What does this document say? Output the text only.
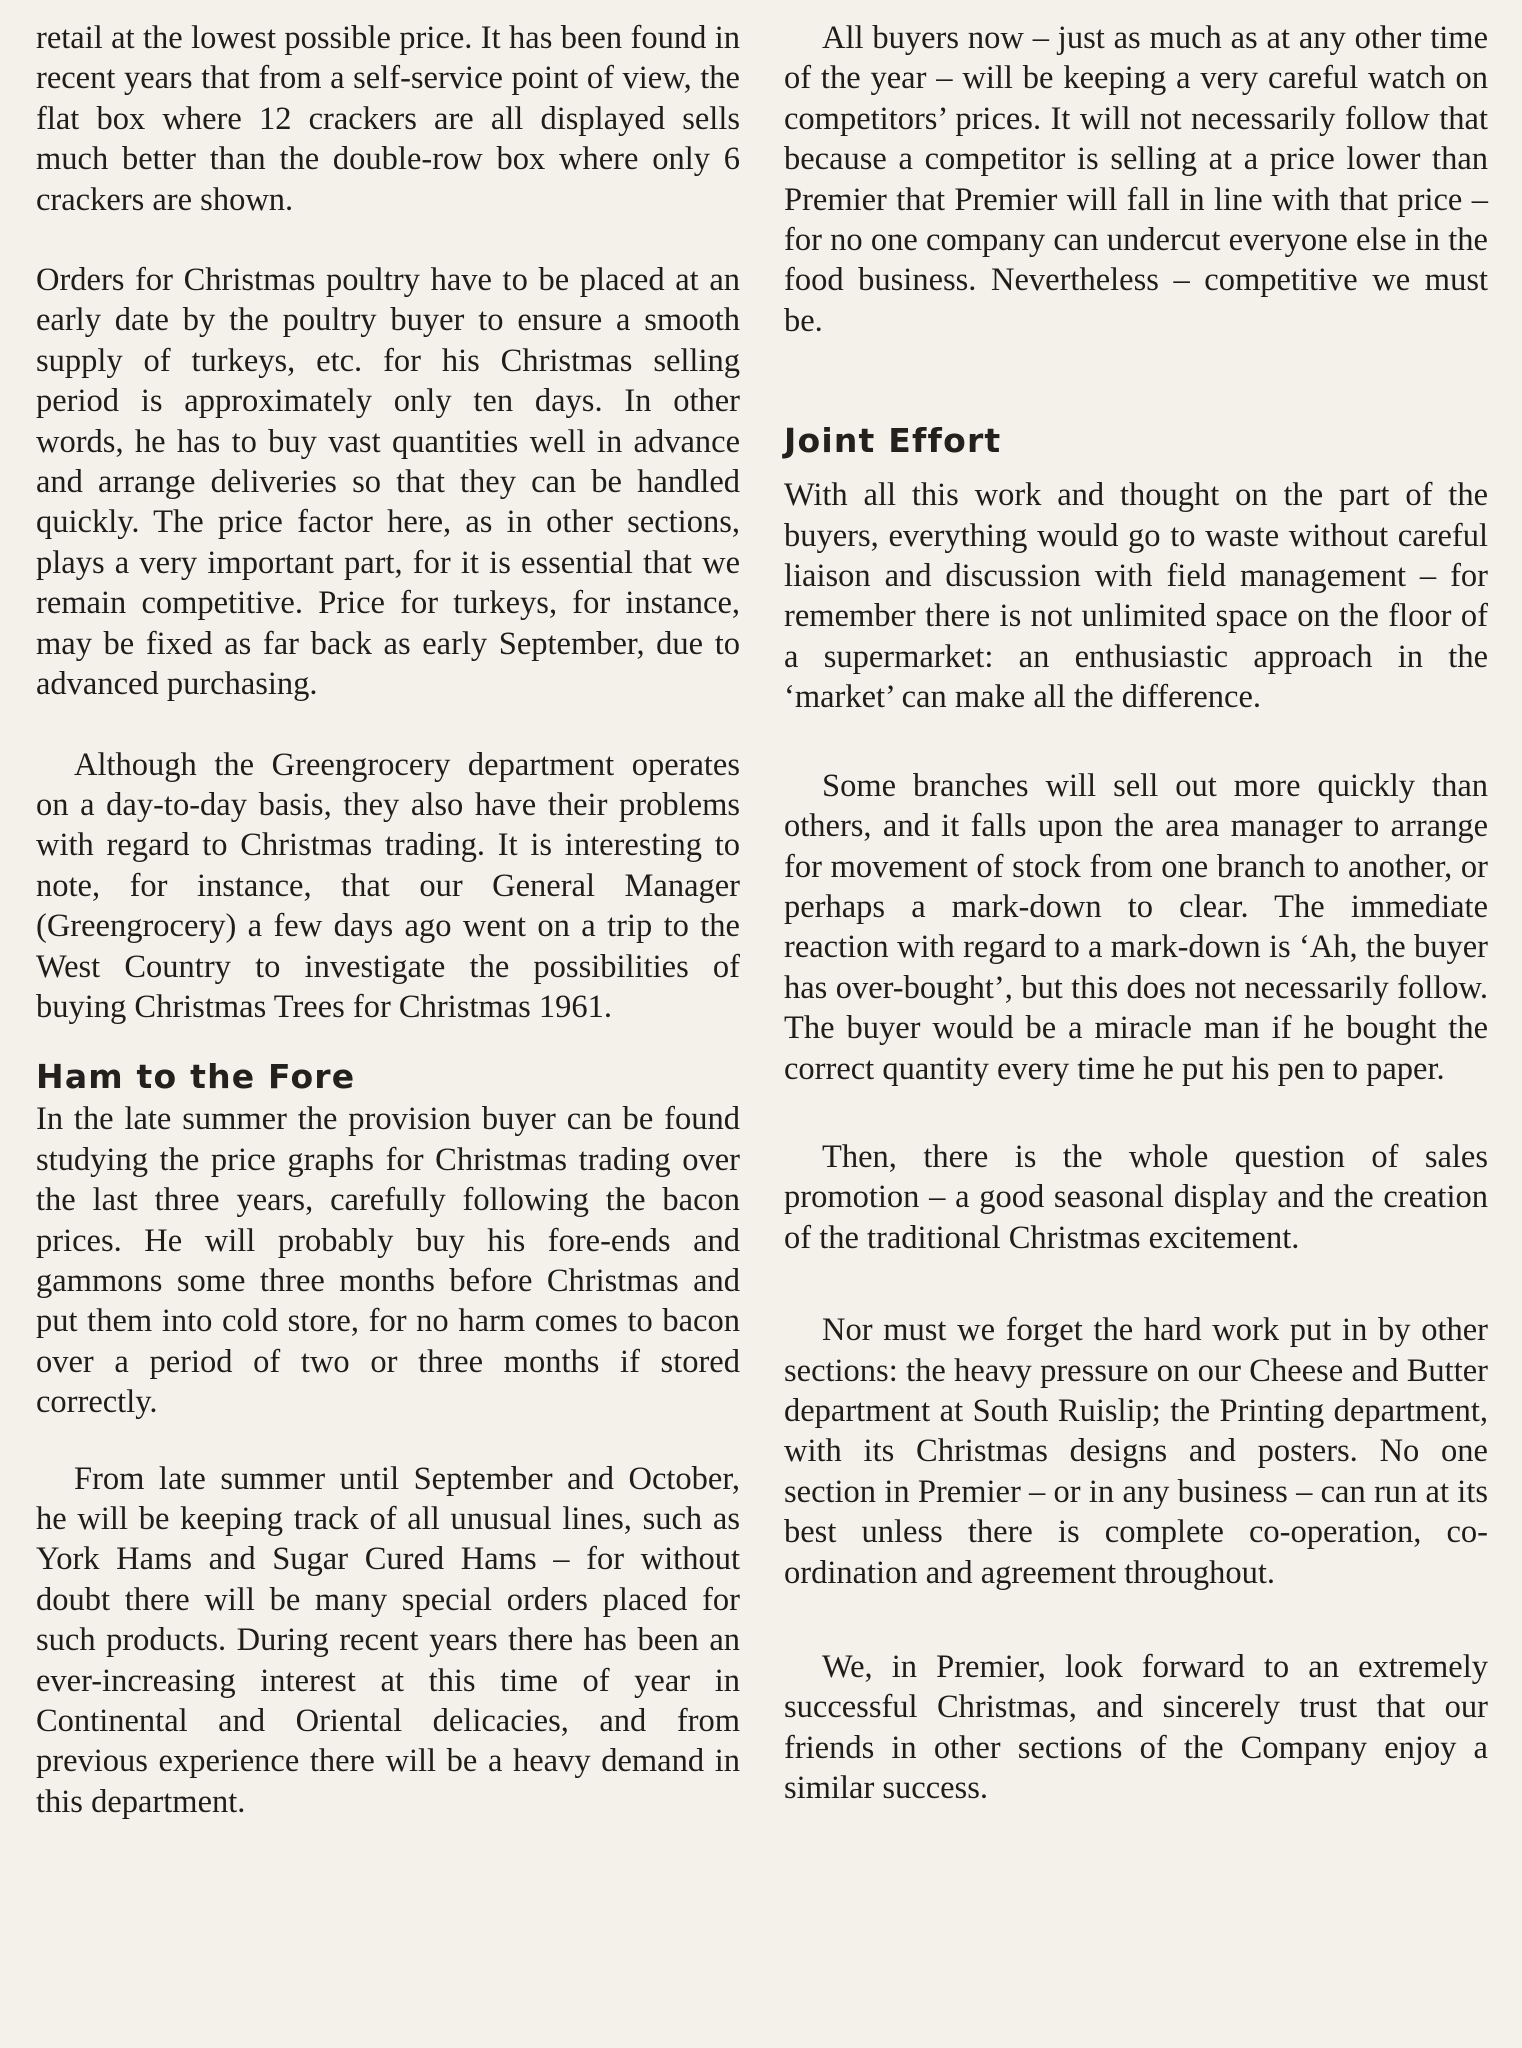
retail at the lowest possible price. It has been found in recent years that from a self-service point of view, the flat box where 12 crackers are all displayed sells much better than the double-row box where only 6 crackers are shown.

Orders for Christmas poultry have to be placed at an early date by the poultry buyer to ensure a smooth supply of turkeys, etc. for his Christmas selling period is approximately only ten days. In other words, he has to buy vast quantities well in advance and arrange deliveries so that they can be handled quickly. The price factor here, as in other sections, plays a very important part, for it is essential that we remain competitive. Price for turkeys, for instance, may be fixed as far back as early September, due to advanced purchasing.

Although the Greengrocery department operates on a day-to-day basis, they also have their problems with regard to Christmas trading. It is interesting to note, for instance, that our General Manager (Greengrocery) a few days ago went on a trip to the West Country to investigate the possibilities of buying Christmas Trees for Christmas 1961.

Ham to the Fore

In the late summer the provision buyer can be found studying the price graphs for Christmas trading over the last three years, carefully following the bacon prices. He will probably buy his fore-ends and gammons some three months before Christmas and put them into cold store, for no harm comes to bacon over a period of two or three months if stored correctly.

From late summer until September and October, he will be keeping track of all unusual lines, such as York Hams and Sugar Cured Hams – for without doubt there will be many special orders placed for such products. During recent years there has been an ever-increasing interest at this time of year in Continental and Oriental delicacies, and from previous experience there will be a heavy demand in this department.

All buyers now – just as much as at any other time of the year – will be keeping a very careful watch on competitors’ prices. It will not necessarily follow that because a competitor is selling at a price lower than Premier that Premier will fall in line with that price – for no one company can undercut everyone else in the food business. Nevertheless – competitive we must be.

Joint Effort

With all this work and thought on the part of the buyers, everything would go to waste without careful liaison and discussion with field management – for remember there is not unlimited space on the floor of a supermarket: an enthusiastic approach in the ‘market’ can make all the difference.

Some branches will sell out more quickly than others, and it falls upon the area manager to arrange for movement of stock from one branch to another, or perhaps a mark-down to clear. The immediate reaction with regard to a mark-down is ‘Ah, the buyer has over-bought’, but this does not necessarily follow. The buyer would be a miracle man if he bought the correct quantity every time he put his pen to paper.

Then, there is the whole question of sales promotion – a good seasonal display and the creation of the traditional Christmas excitement.

Nor must we forget the hard work put in by other sections: the heavy pressure on our Cheese and Butter department at South Ruislip; the Printing department, with its Christmas designs and posters. No one section in Premier – or in any business – can run at its best unless there is complete co-operation, co-ordination and agreement throughout.

We, in Premier, look forward to an extremely successful Christmas, and sincerely trust that our friends in other sections of the Company enjoy a similar success.
